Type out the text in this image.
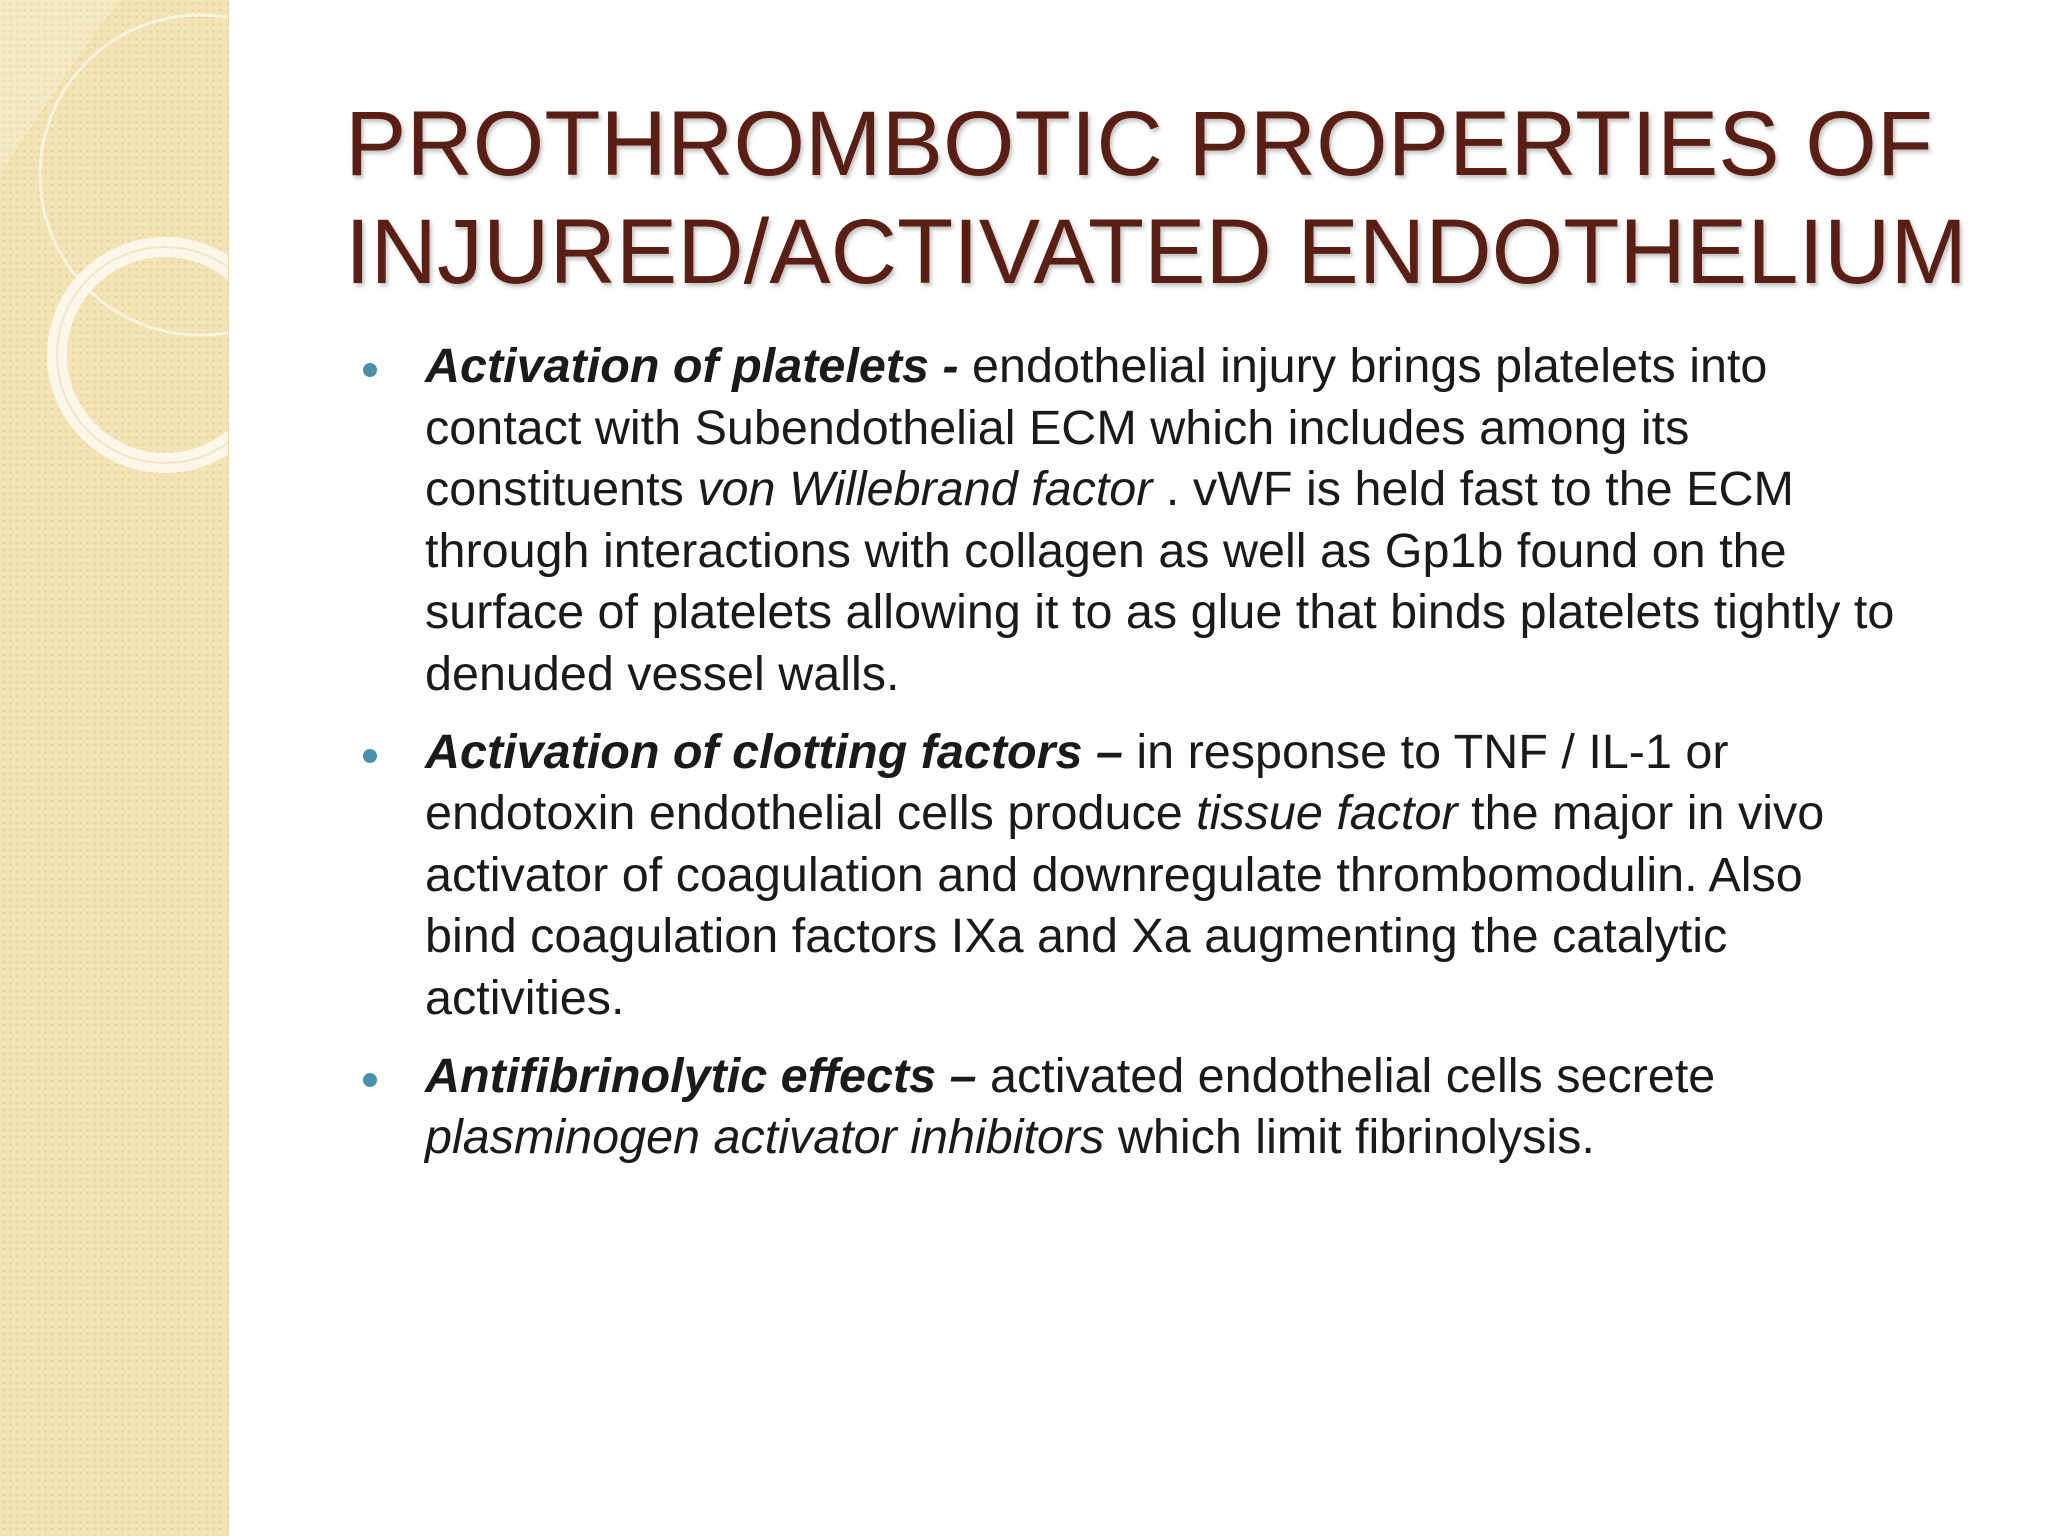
PROTHROMBOTIC PROPERTIES OF
INJURED/ACTIVATED ENDOTHELIUM
Activation of platelets - endothelial injury brings platelets into
contact with Subendothelial ECM which includes among its
constituents von Willebrand factor . vWF is held fast to the ECM
through interactions with collagen as well as Gp1b found on the
surface of platelets allowing it to as glue that binds platelets tightly to
denuded vessel walls.
Activation of clotting factors – in response to TNF / IL-1 or
endotoxin endothelial cells produce tissue factor the major in vivo
activator of coagulation and downregulate thrombomodulin. Also
bind coagulation factors IXa and Xa augmenting the catalytic
activities.
Antifibrinolytic effects – activated endothelial cells secrete
plasminogen activator inhibitors which limit fibrinolysis.
